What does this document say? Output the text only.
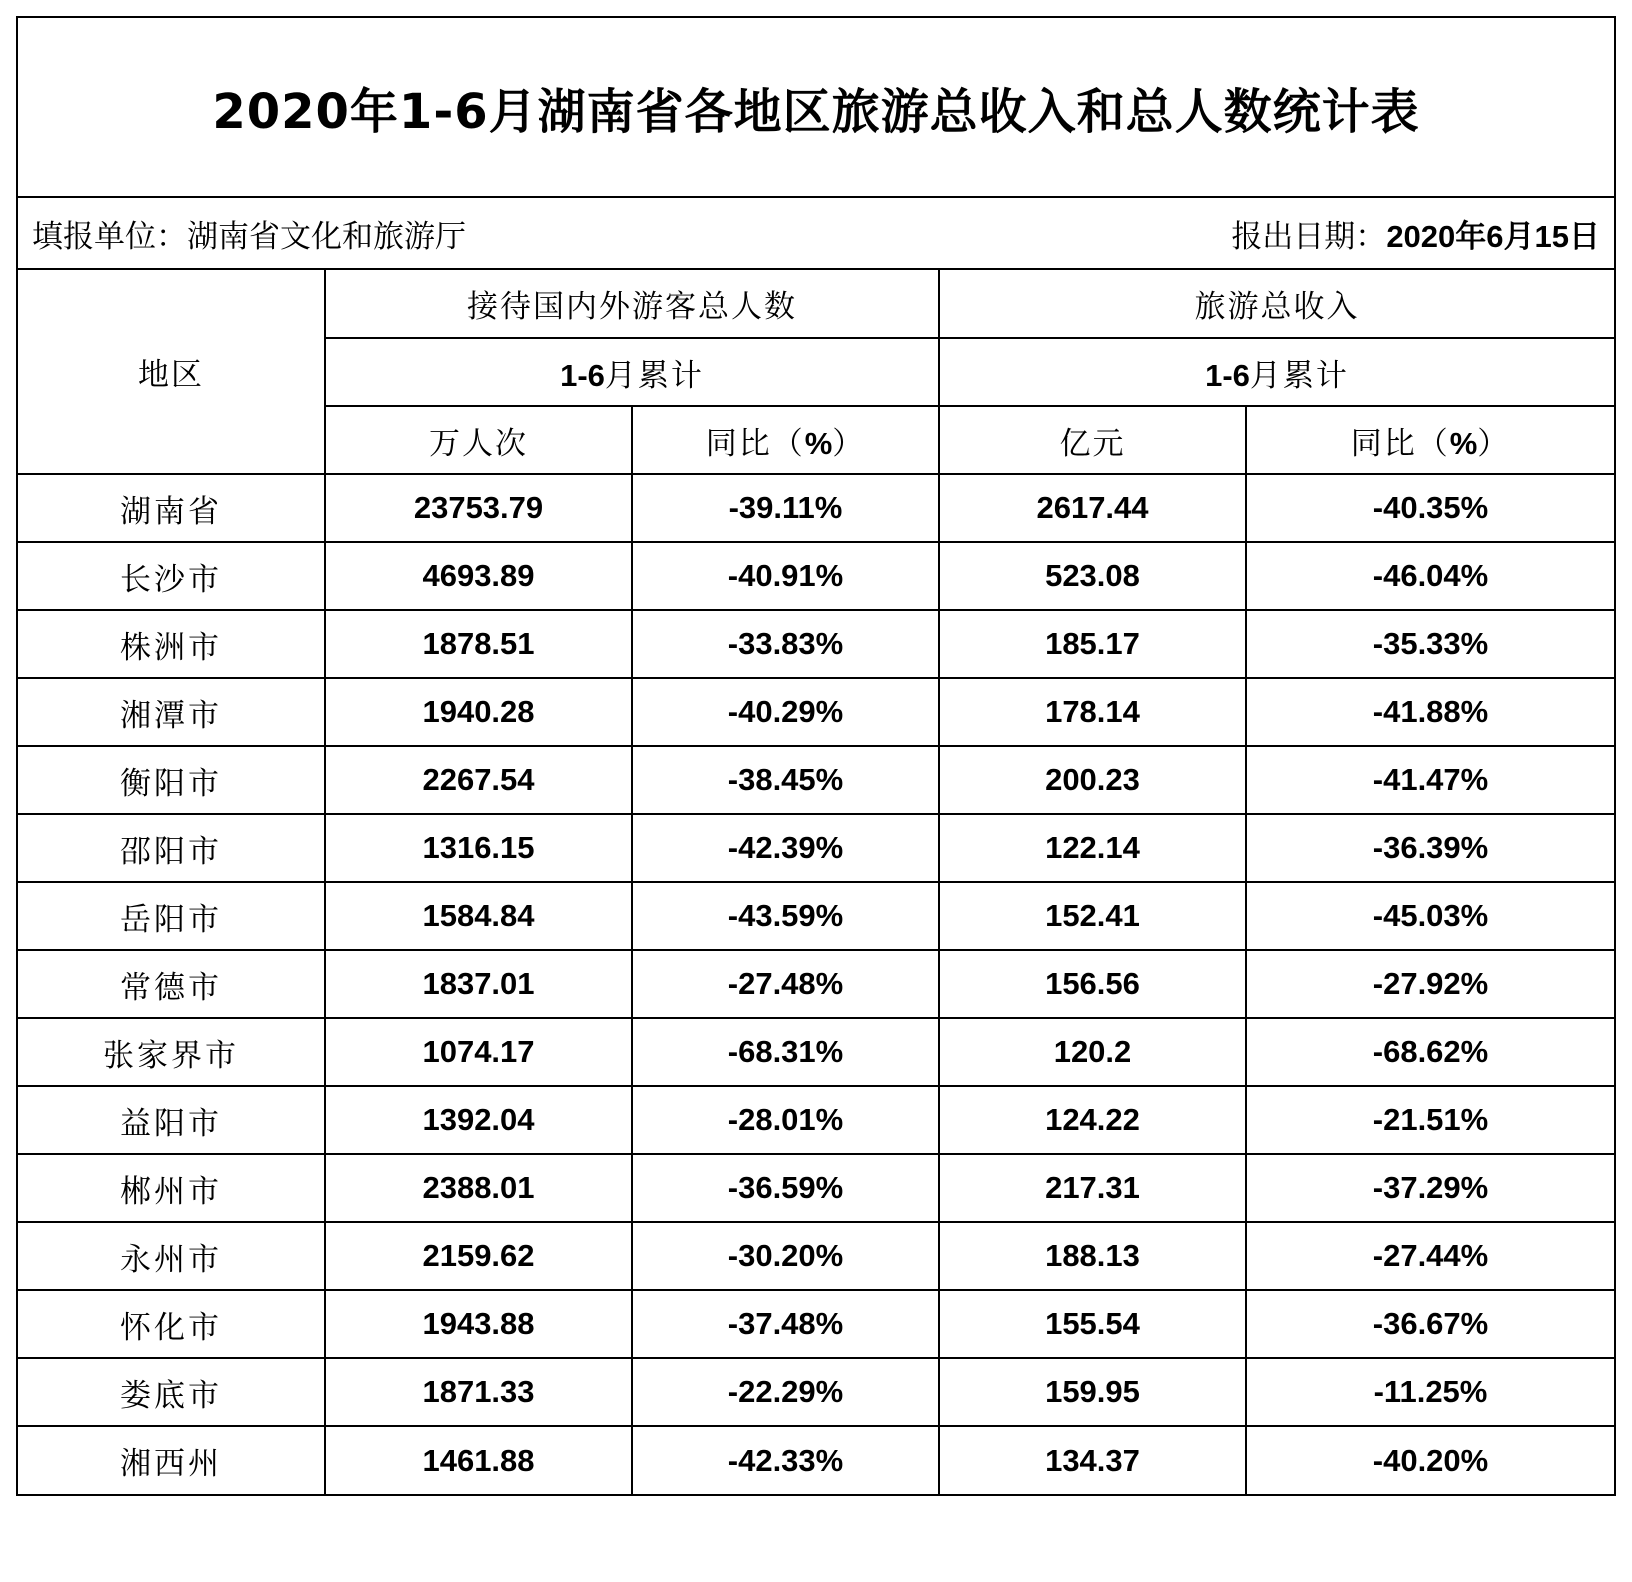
2020年1-6月湖南省各地区旅游总收入和总人数统计表
填报单位：湖南省文化和旅游厅	报出日期：2020年6月15日
地区	接待国内外游客总人数		旅游总收入	
	1-6月累计		1-6月累计	
	万人次	同比（%）	亿元	同比（%）
湖南省	23753.79	-39.11%	2617.44	-40.35%
长沙市	4693.89	-40.91%	523.08	-46.04%
株洲市	1878.51	-33.83%	185.17	-35.33%
湘潭市	1940.28	-40.29%	178.14	-41.88%
衡阳市	2267.54	-38.45%	200.23	-41.47%
邵阳市	1316.15	-42.39%	122.14	-36.39%
岳阳市	1584.84	-43.59%	152.41	-45.03%
常德市	1837.01	-27.48%	156.56	-27.92%
张家界市	1074.17	-68.31%	120.2	-68.62%
益阳市	1392.04	-28.01%	124.22	-21.51%
郴州市	2388.01	-36.59%	217.31	-37.29%
永州市	2159.62	-30.20%	188.13	-27.44%
怀化市	1943.88	-37.48%	155.54	-36.67%
娄底市	1871.33	-22.29%	159.95	-11.25%
湘西州	1461.88	-42.33%	134.37	-40.20%
